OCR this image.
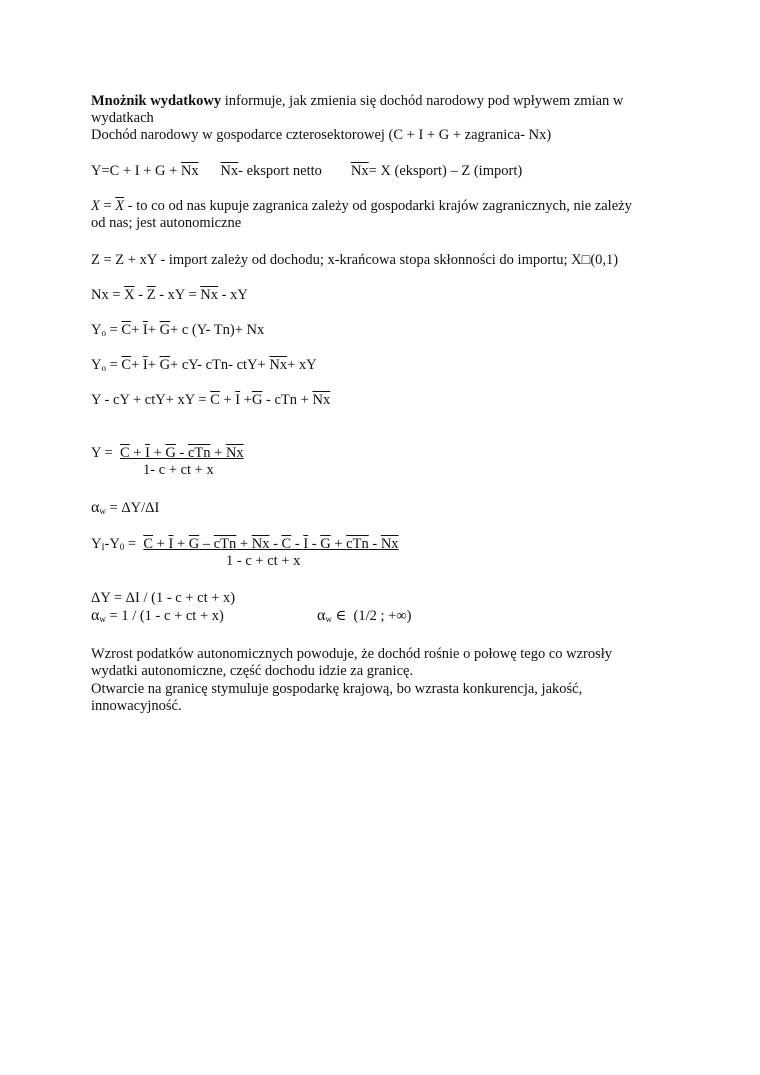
Mnożnik wydatkowy informuje, jak zmienia się dochód narodowy pod wpływem zmian w
wydatkach
Dochód narodowy w gospodarce czterosektorowej (C + I + G + zagranica- Nx)
$Y=C + I + G + \overline{Nx}$ $\overline{Nx}-$ eksport netto        $\overline{Nx}= X$ (eksport) – Z (import)
$X = \overline{X}$ - to co od nas kupuje zagranica zależy od gospodarki krajów zagranicznych, nie zależy
od nas; jest autonomiczne
Z = Z + xY - import zależy od dochodu; x-krańcowa stopa skłonności do importu; X□(0,1)
$Nx = \overline{X} - \overline{Z}$ - xY = $\overline{Nx}$ - xY
$Y_o = \overline{C}+ \overline{I}+ \overline{G}+ c$ (Y- Tn)+ Nx
$Y_o = \overline{C}+ \overline{I}+ \overline{G}+ cY-$ cTn- $ctY+ \overline{Nx}+$ xY
Y - cY + ctY+ xY = $\overline{C} + \overline{I} +\overline{G}$ - cTn + $\overline{Nx}$
Y =  C + I + G - cTn + Nx
1- c + ct + x
$\alpha_w = \Delta Y/\Delta I$
$Y_I-Y_0 = C + I + G$ – cTn + Nx - C - I - G + cTn - Nx
1 - c + ct + x
ΔY = ΔI / (1 - c + ct + x)
$\alpha_w = 1 / (1 - c$ + ct + x)	$\alpha_w$ ∈  (1/2 ; +∞)
Wzrost podatków autonomicznych powoduje, że dochód rośnie o połowę tego co wzrosły
wydatki autonomiczne, część dochodu idzie za granicę.
Otwarcie na granicę stymuluje gospodarkę krajową, bo wzrasta konkurencja, jakość,
innowacyjność.
